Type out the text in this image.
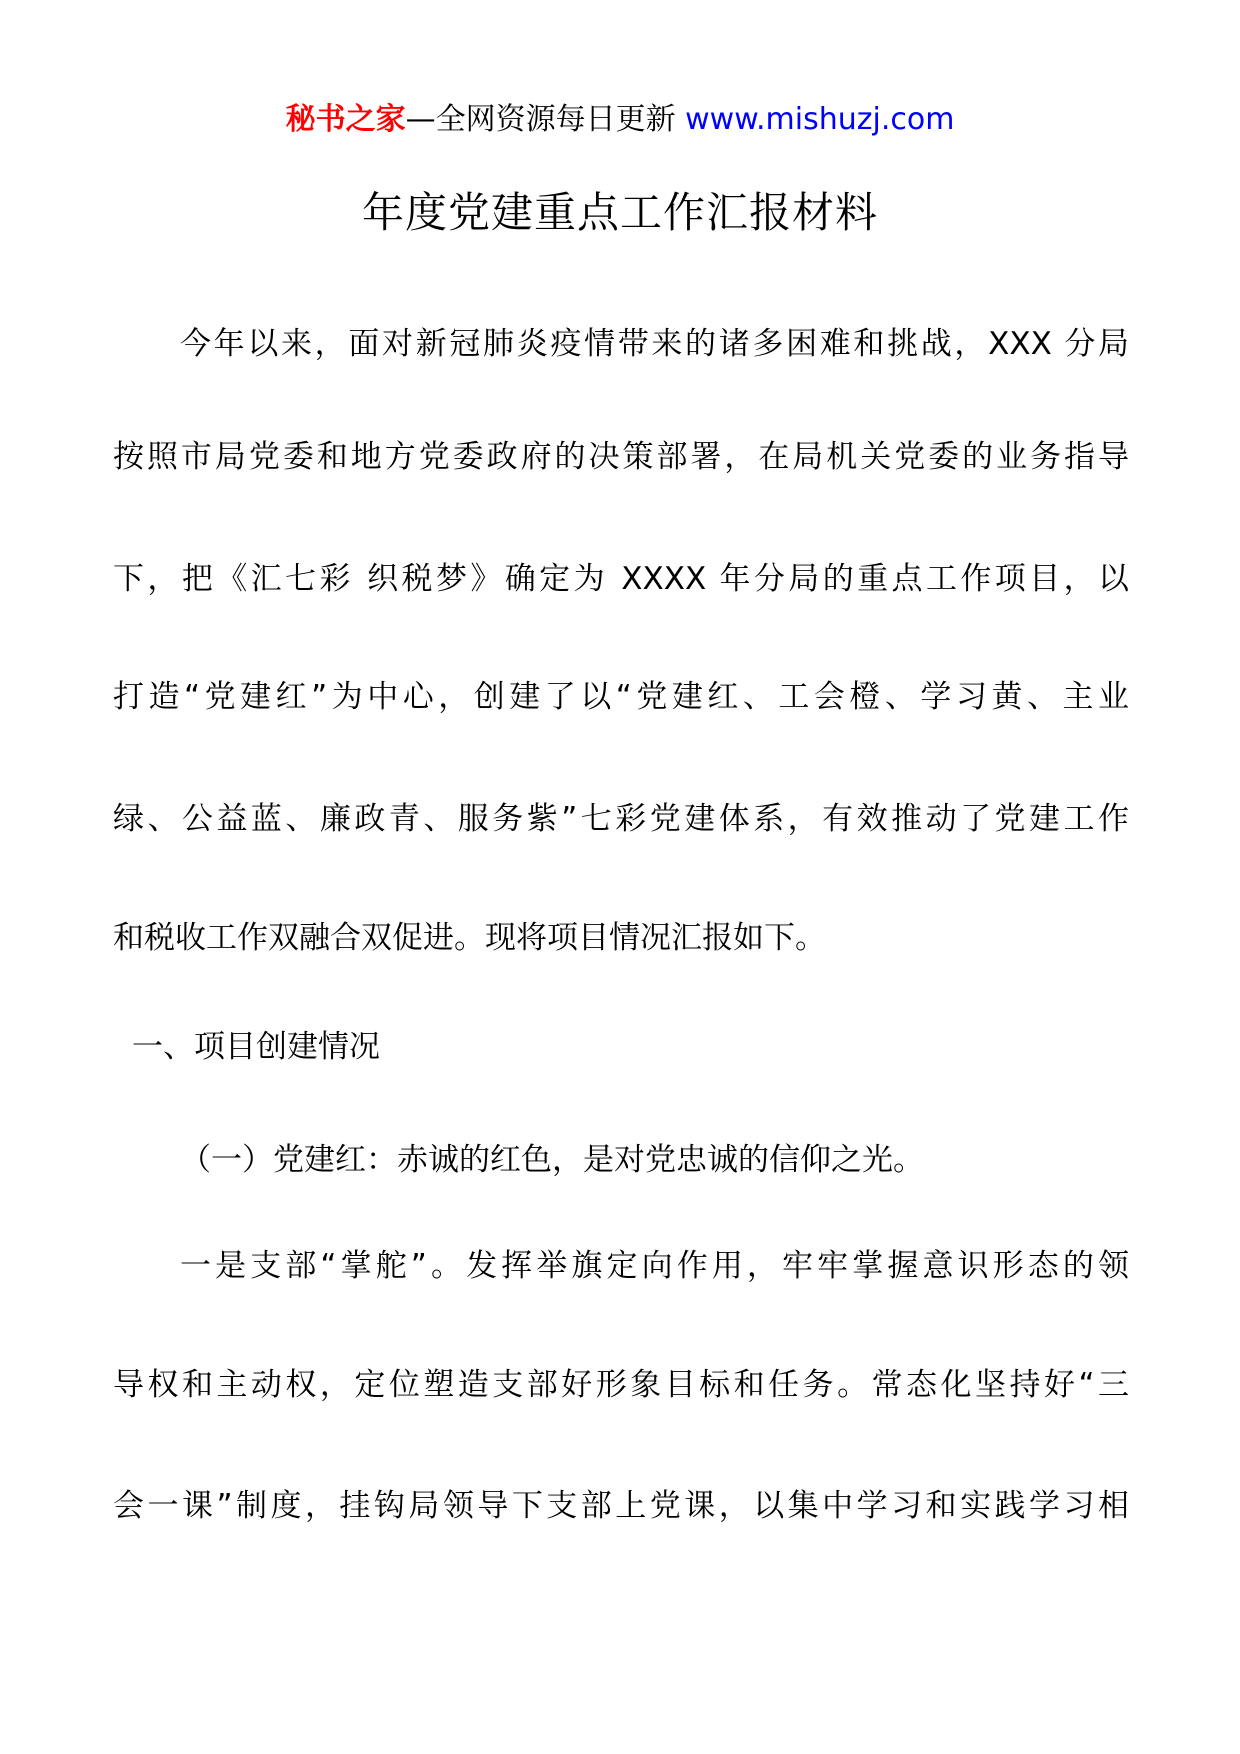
秘书之家—全网资源每日更新 www.mishuzj.com
年度党建重点工作汇报材料
今年以来，面对新冠肺炎疫情带来的诸多困难和挑战，XXX 分局
按照市局党委和地方党委政府的决策部署，在局机关党委的业务指导
下，把《汇七彩 织税梦》确定为 XXXX 年分局的重点工作项目，以
打造“党建红”为中心，创建了以“党建红、工会橙、学习黄、主业
绿、公益蓝、廉政青、服务紫”七彩党建体系，有效推动了党建工作
和税收工作双融合双促进。现将项目情况汇报如下。
一、项目创建情况
（一）党建红：赤诚的红色，是对党忠诚的信仰之光。
一是支部“掌舵”。发挥举旗定向作用，牢牢掌握意识形态的领
导权和主动权，定位塑造支部好形象目标和任务。常态化坚持好“三
会一课”制度，挂钩局领导下支部上党课，以集中学习和实践学习相
